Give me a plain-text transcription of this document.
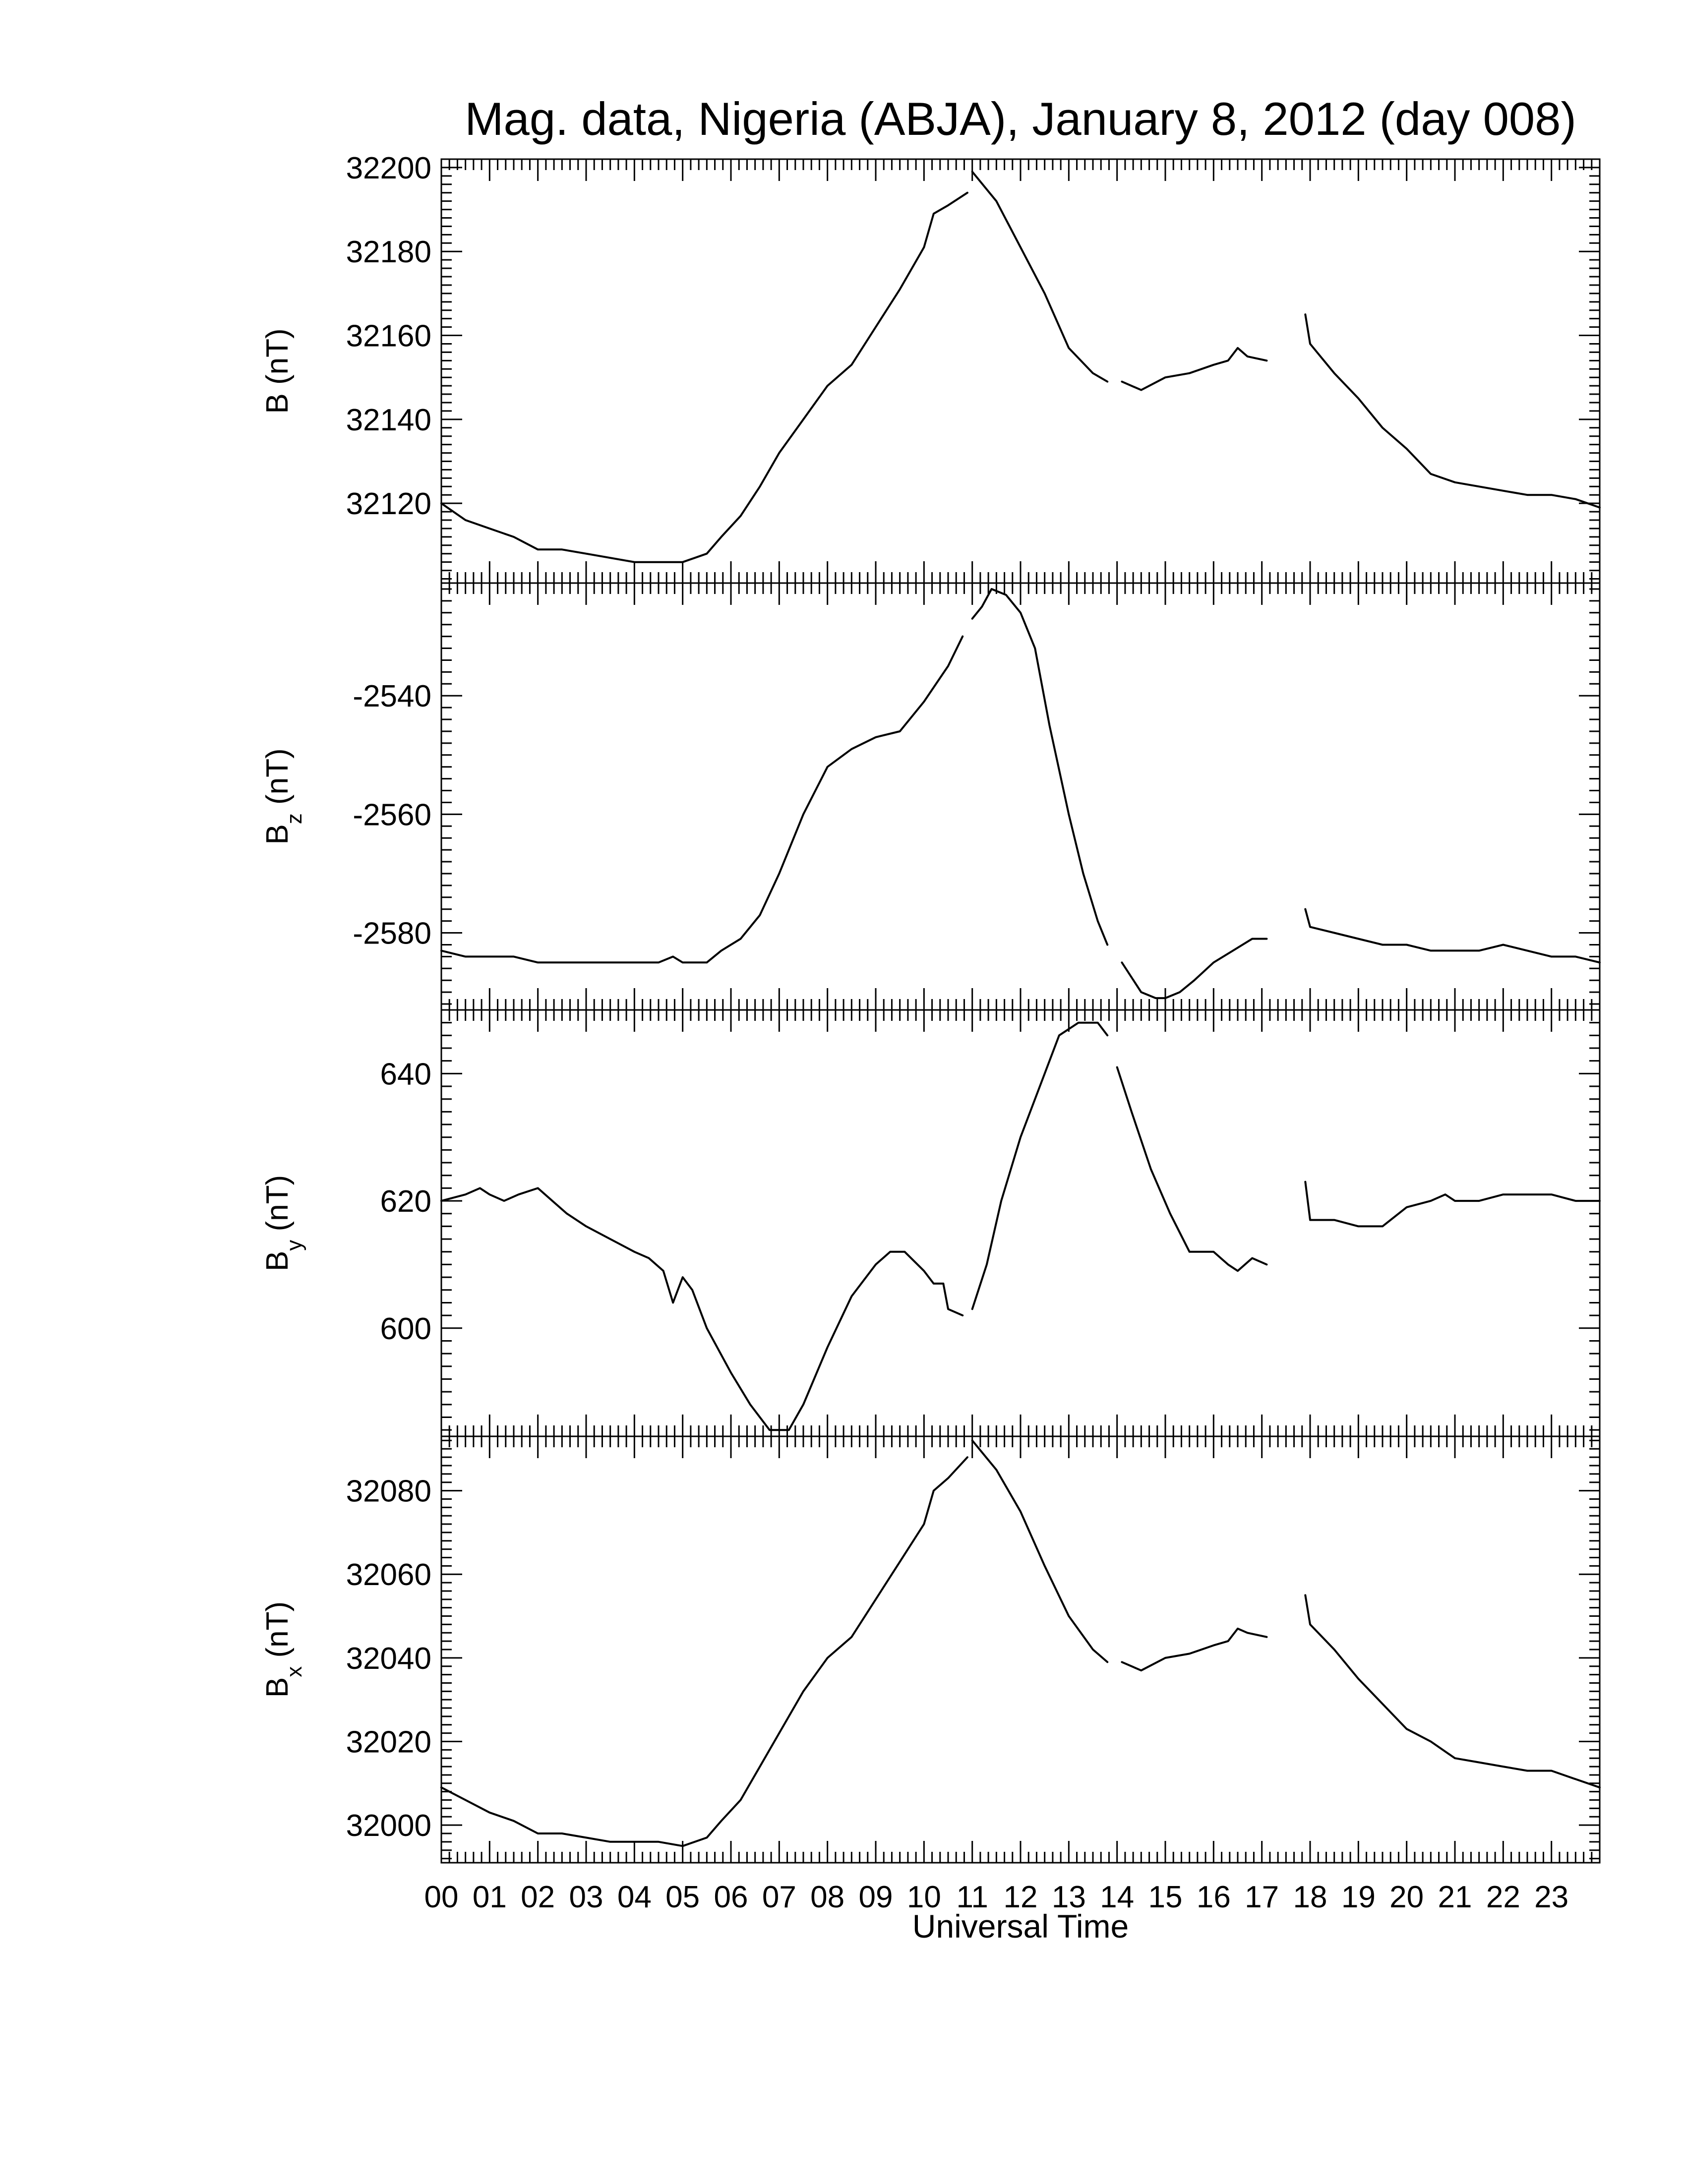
Mag. data, Nigeria (ABJA), January 8, 2012 (day 008)
Universal Time
32120
32140
32160
32180
32200
B (nT)
-2540
-2560
-2580
$B_z$ (nT)
600
620
640
$B_y$ (nT)
32000
32020
32040
32060
32080
$B_x$ (nT)
00 01 02 03 04 05 06 07 08 09 10 11 12 13 14 15 16 17 18 19 20 21 22 23
